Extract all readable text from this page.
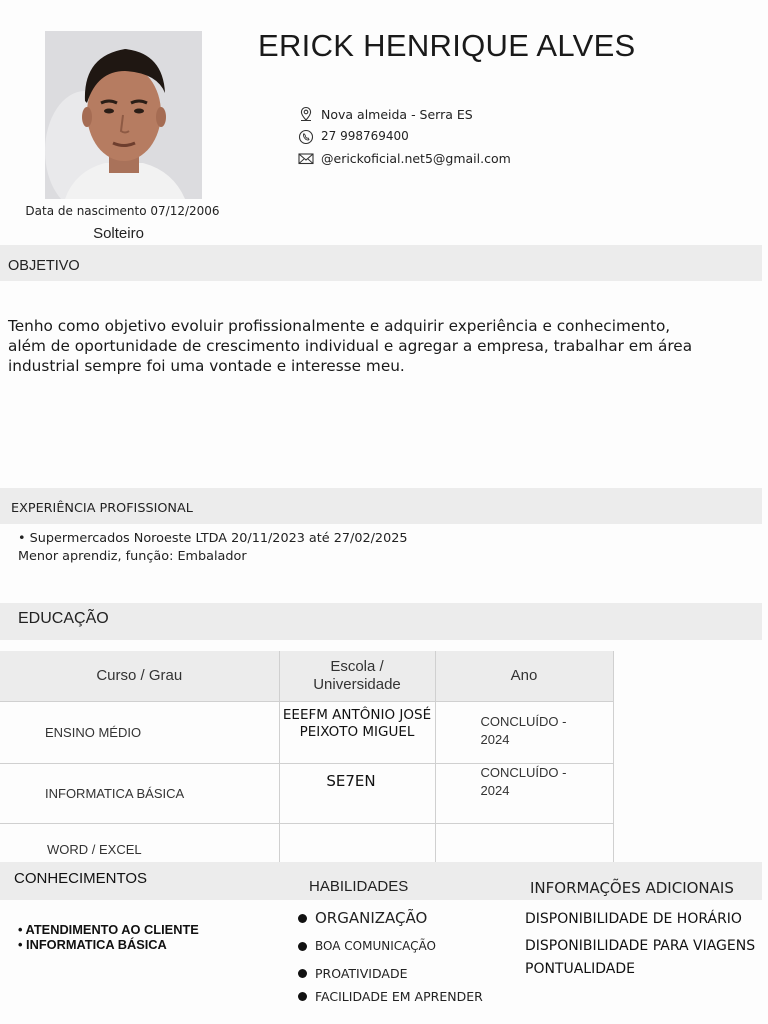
ERICK HENRIQUE ALVES
Nova almeida - Serra ES
27 998769400
@erickoficial.net5@gmail.com
Data de nascimento 07/12/2006
Solteiro
OBJETIVO
Tenho como objetivo evoluir profissionalmente e adquirir experiência e conhecimento, além de oportunidade de crescimento individual e agregar a empresa, trabalhar em área industrial sempre foi uma vontade e interesse meu.
EXPERIÊNCIA PROFISSIONAL
• Supermercados Noroeste LTDA 20/11/2023 até 27/02/2025
Menor aprendiz, função: Embalador
EDUCAÇÃO
Curso / Grau	Escola / Universidade	Ano
ENSINO MÉDIO	EEEFM ANTÔNIO JOSÉ PEIXOTO MIGUEL	CONCLUÍDO - 2024
INFORMATICA BÁSICA	SE7EN	CONCLUÍDO - 2024
WORD / EXCEL		
CONHECIMENTOS	HABILIDADES	INFORMAÇÕES ADICIONAIS
• ATENDIMENTO AO CLIENTE
• INFORMATICA BÁSICA
ORGANIZAÇÃO
BOA COMUNICAÇÃO
PROATIVIDADE
FACILIDADE EM APRENDER
DISPONIBILIDADE DE HORÁRIO
DISPONIBILIDADE PARA VIAGENS
PONTUALIDADE
